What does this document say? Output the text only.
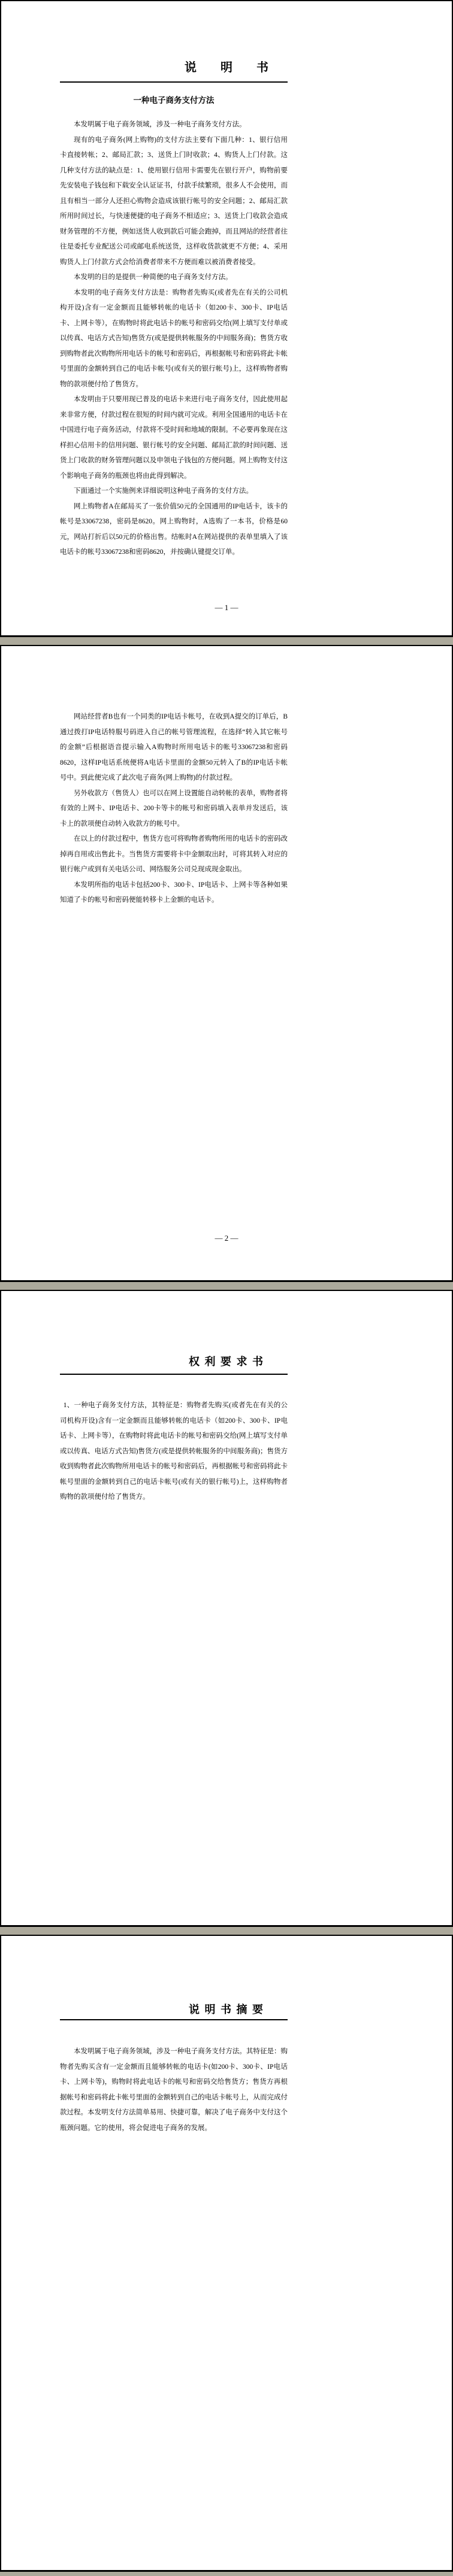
说　　明　　书
一种电子商务支付方法

本发明属于电子商务领域，涉及一种电子商务支付方法。

现有的电子商务(网上购物)的支付方法主要有下面几种：1、银行信用卡直接转帐；2、邮局汇款；3、送货上门时收款；4、购货人上门付款。这几种支付方法的缺点是：1、使用银行信用卡需要先在银行开户，购物前要先安装电子钱包和下载安全认证证书，付款手续繁琐，很多人不会使用，而且有相当一部分人还担心购物会造成该银行帐号的安全问题；2、邮局汇款所用时间过长，与快速便捷的电子商务不相适应；3、送货上门收款会造成财务管理的不方便，例如送货人收到款后可能会跑掉，而且网站的经营者往往是委托专业配送公司或邮电系统送货，这样收货款就更不方便；4、采用购货人上门付款方式会给消费者带来不方便而难以被消费者接受。

本发明的目的是提供一种简便的电子商务支付方法。

本发明的电子商务支付方法是：购物者先购买(或者先在有关的公司机构开设)含有一定金额而且能够转帐的电话卡（如200卡、300卡、IP电话卡、上网卡等），在购物时将此电话卡的帐号和密码交给(网上填写支付单或以传真、电话方式告知)售货方(或是提供转帐服务的中间服务商)；售货方收到购物者此次购物所用电话卡的帐号和密码后，再根据帐号和密码将此卡帐号里面的金额转到自己的电话卡帐号(或有关的银行帐号)上，这样购物者购物的款项便付给了售货方。

本发明由于只要用现已普及的电话卡来进行电子商务支付，因此使用起来非常方便，付款过程在很短的时间内就可完成。利用全国通用的电话卡在中国进行电子商务活动，付款将不受时间和地域的限制。不必要再象现在这样担心信用卡的信用问题、银行帐号的安全问题、邮局汇款的时间问题、送货上门收款的财务管理问题以及申领电子钱包的方便问题。网上购物支付这个影响电子商务的瓶颈也将由此得到解决。

下面通过一个实施例来详细说明这种电子商务的支付方法。

网上购物者A在邮局买了一张价值50元的全国通用的IP电话卡，该卡的帐号是33067238，密码是8620。网上购物时，A选购了一本书，价格是60元，网站打折后以50元的价格出售。结帐时A在网站提供的表单里填入了该电话卡的帐号33067238和密码8620，并按确认键提交订单。

— 1 —

网站经营者B也有一个同类的IP电话卡帐号，在收到A提交的订单后，B通过拨打IP电话特服号码进入自己的帐号管理流程，在选择“转入其它帐号的金额”后根据语音提示输入A购物时所用电话卡的帐号33067238和密码8620，这样IP电话系统便将A电话卡里面的金额50元转入了B的IP电话卡帐号中。到此便完成了此次电子商务(网上购物)的付款过程。

另外收款方（售货人）也可以在网上设置能自动转帐的表单，购物者将有效的上网卡、IP电话卡、200卡等卡的帐号和密码填入表单并发送后，该卡上的款项便自动转入收款方的帐号中。

在以上的付款过程中，售货方也可将购物者购物所用的电话卡的密码改掉再自用或出售此卡。当售货方需要将卡中金额取出时，可将其转入对应的银行帐户或到有关电话公司、网络服务公司兑现成现金取出。

本发明所指的电话卡包括200卡、300卡、IP电话卡、上网卡等各种如果知道了卡的帐号和密码便能转移卡上金额的电话卡。

— 2 —
权 利 要 求 书

1、一种电子商务支付方法，其特征是：购物者先购买(或者先在有关的公司机构开设)含有一定金额而且能够转帐的电话卡（如200卡、300卡、IP电话卡、上网卡等），在购物时将此电话卡的帐号和密码交给(网上填写支付单或以传真、电话方式告知)售货方(或是提供转帐服务的中间服务商)；售货方收到购物者此次购物所用电话卡的帐号和密码后，再根据帐号和密码将此卡帐号里面的金额转到自己的电话卡帐号(或有关的银行帐号)上，这样购物者购物的款项便付给了售货方。

说 明 书 摘 要

本发明属于电子商务领域，涉及一种电子商务支付方法。其特征是：购物者先购买含有一定金额而且能够转帐的电话卡(如200卡、300卡、IP电话卡、上网卡等)，购物时将此电话卡的帐号和密码交给售货方；售货方再根据帐号和密码将此卡帐号里面的金额转到自己的电话卡帐号上，从而完成付款过程。本发明支付方法简单易用、快捷可靠，解决了电子商务中支付这个瓶颈问题。它的使用，将会促进电子商务的发展。
